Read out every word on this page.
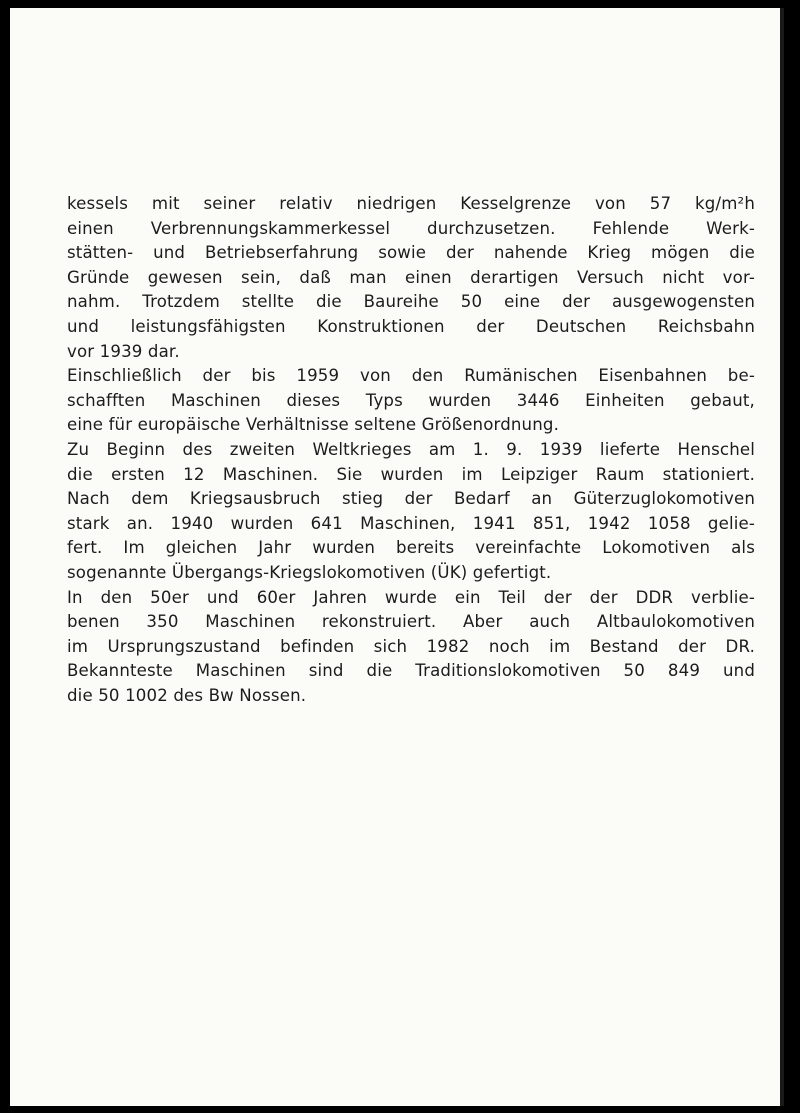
kessels mit seiner relativ niedrigen Kesselgrenze von 57 kg/m²h
einen Verbrennungskammerkessel durchzusetzen. Fehlende Werk-
stätten- und Betriebserfahrung sowie der nahende Krieg mögen die
Gründe gewesen sein, daß man einen derartigen Versuch nicht vor-
nahm. Trotzdem stellte die Baureihe 50 eine der ausgewogensten
und leistungsfähigsten Konstruktionen der Deutschen Reichsbahn
vor 1939 dar.
Einschließlich der bis 1959 von den Rumänischen Eisenbahnen be-
schafften Maschinen dieses Typs wurden 3446 Einheiten gebaut,
eine für europäische Verhältnisse seltene Größenordnung.
Zu Beginn des zweiten Weltkrieges am 1. 9. 1939 lieferte Henschel
die ersten 12 Maschinen. Sie wurden im Leipziger Raum stationiert.
Nach dem Kriegsausbruch stieg der Bedarf an Güterzuglokomotiven
stark an. 1940 wurden 641 Maschinen, 1941 851, 1942 1058 gelie-
fert. Im gleichen Jahr wurden bereits vereinfachte Lokomotiven als
sogenannte Übergangs-Kriegslokomotiven (ÜK) gefertigt.
In den 50er und 60er Jahren wurde ein Teil der der DDR verblie-
benen 350 Maschinen rekonstruiert. Aber auch Altbaulokomotiven
im Ursprungszustand befinden sich 1982 noch im Bestand der DR.
Bekannteste Maschinen sind die Traditionslokomotiven 50 849 und
die 50 1002 des Bw Nossen.
